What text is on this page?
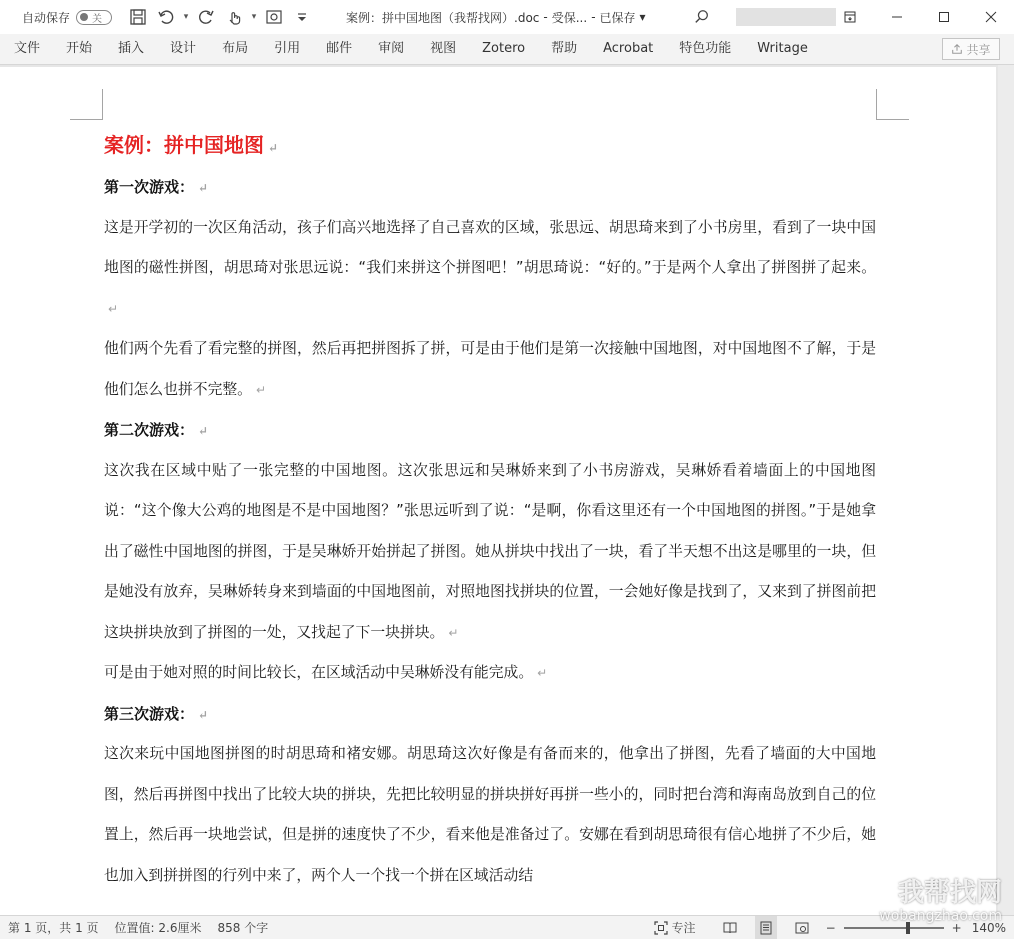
自动保存 关	▾	▾	案例：拼中国地图（我帮找网）.doc - 受保... - 已保存 ▾
文件	开始	插入	设计	布局	引用	邮件	审阅	视图	Zotero	帮助	Acrobat	特色功能	Writage	共享
案例：拼中国地图 ↵
第一次游戏： ↵
这是开学初的一次区角活动，孩子们高兴地选择了自己喜欢的区域，张思远、胡思琦来到了小书房里，看到了一块中国地图的磁性拼图，胡思琦对张思远说：“我们来拼这个拼图吧！”胡思琦说：“好的。”于是两个人拿出了拼图拼了起来。↵
他们两个先看了看完整的拼图，然后再把拼图拆了拼，可是由于他们是第一次接触中国地图，对中国地图不了解，于是他们怎么也拼不完整。 ↵
第二次游戏： ↵
这次我在区域中贴了一张完整的中国地图。这次张思远和吴琳娇来到了小书房游戏，吴琳娇看着墙面上的中国地图说：“这个像大公鸡的地图是不是中国地图？”张思远听到了说：“是啊，你看这里还有一个中国地图的拼图。”于是她拿出了磁性中国地图的拼图，于是吴琳娇开始拼起了拼图。她从拼块中找出了一块，看了半天想不出这是哪里的一块，但是她没有放弃，吴琳娇转身来到墙面的中国地图前，对照地图找拼块的位置，一会她好像是找到了，又来到了拼图前把这块拼块放到了拼图的一处，又找起了下一块拼块。 ↵
可是由于她对照的时间比较长，在区域活动中吴琳娇没有能完成。 ↵
第三次游戏： ↵
这次来玩中国地图拼图的时胡思琦和褚安娜。胡思琦这次好像是有备而来的，他拿出了拼图，先看了墙面的大中国地图，然后再拼图中找出了比较大块的拼块，先把比较明显的拼块拼好再拼一些小的，同时把台湾和海南岛放到自己的位置上，然后再一块地尝试，但是拼的速度快了不少，看来他是准备过了。安娜在看到胡思琦很有信心地拼了不少后，她也加入到拼拼图的行列中来了，两个人一个找一个拼在区域活动结
第 1 页，共 1 页 位置值: 2.6厘米 858 个字	专注	−	+ 140%
我帮找网
wobangzhao.com
